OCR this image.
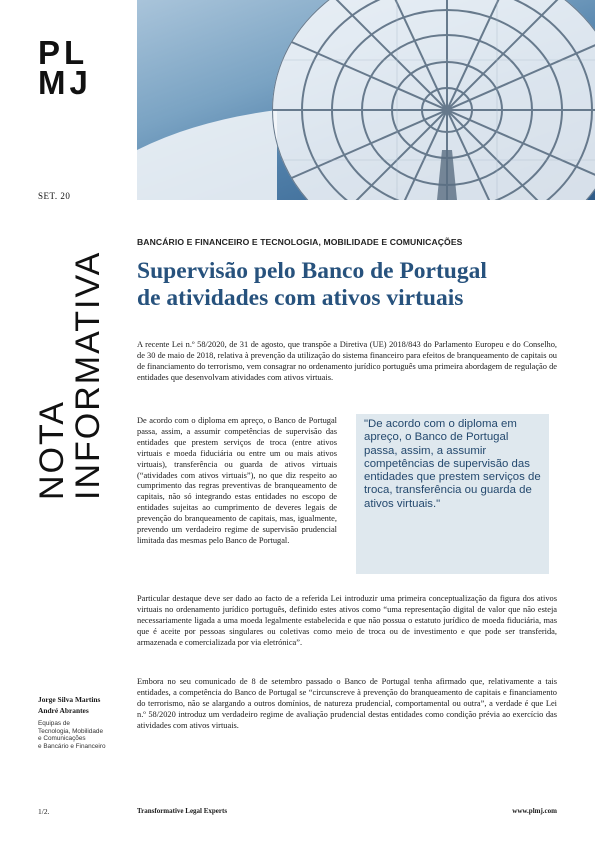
PL
MJ
SET. 20
NOTA
INFORMATIVA
BANCÁRIO E FINANCEIRO E TECNOLOGIA, MOBILIDADE E COMUNICAÇÕES
Supervisão pelo Banco de Portugal
de atividades com ativos virtuais

A recente Lei n.º 58/2020, de 31 de agosto, que transpõe a Diretiva (UE) 2018/843 do Parlamento Europeu e do Conselho, de 30 de maio de 2018, relativa à prevenção da utilização do sistema financeiro para efeitos de branqueamento de capitais ou de financiamento do terrorismo, vem consagrar no ordenamento jurídico português uma primeira abordagem de regulação de entidades que desenvolvam atividades com ativos virtuais.

De acordo com o diploma em apreço, o Banco de Portugal passa, assim, a assumir competências de supervisão das entidades que prestem serviços de troca (entre ativos virtuais e moeda fiduciária ou entre um ou mais ativos virtuais), transferência ou guarda de ativos virtuais (“atividades com ativos virtuais”), no que diz respeito ao cumprimento das regras preventivas de branqueamento de capitais, não só integrando estas entidades no escopo de entidades sujeitas ao cumprimento de deveres legais de prevenção do branqueamento de capitais, mas, igualmente, prevendo um verdadeiro regime de supervisão prudencial limitada das mesmas pelo Banco de Portugal.

"De acordo com o diploma em apreço, o Banco de Portugal passa, assim, a assumir competências de supervisão das entidades que prestem serviços de troca, transferência ou guarda de ativos virtuais."

Particular destaque deve ser dado ao facto de a referida Lei introduzir uma primeira conceptualização da figura dos ativos virtuais no ordenamento jurídico português, definido estes ativos como “uma representação digital de valor que não esteja necessariamente ligada a uma moeda legalmente estabelecida e que não possua o estatuto jurídico de moeda fiduciária, mas que é aceite por pessoas singulares ou coletivas como meio de troca ou de investimento e que pode ser transferida, armazenada e comercializada por via eletrónica”.

Embora no seu comunicado de 8 de setembro passado o Banco de Portugal tenha afirmado que, relativamente a tais entidades, a competência do Banco de Portugal se “circunscreve à prevenção do branqueamento de capitais e financiamento do terrorismo, não se alargando a outros domínios, de natureza prudencial, comportamental ou outra”, a verdade é que Lei n.º 58/2020 introduz um verdadeiro regime de avaliação prudencial destas entidades como condição prévia ao exercício das atividades com ativos virtuais.

Jorge Silva Martins
André Abrantes
Equipas de
Tecnologia, Mobilidade
e Comunicações
e Bancário e Financeiro
1/2.	Transformative Legal Experts	www.plmj.com
